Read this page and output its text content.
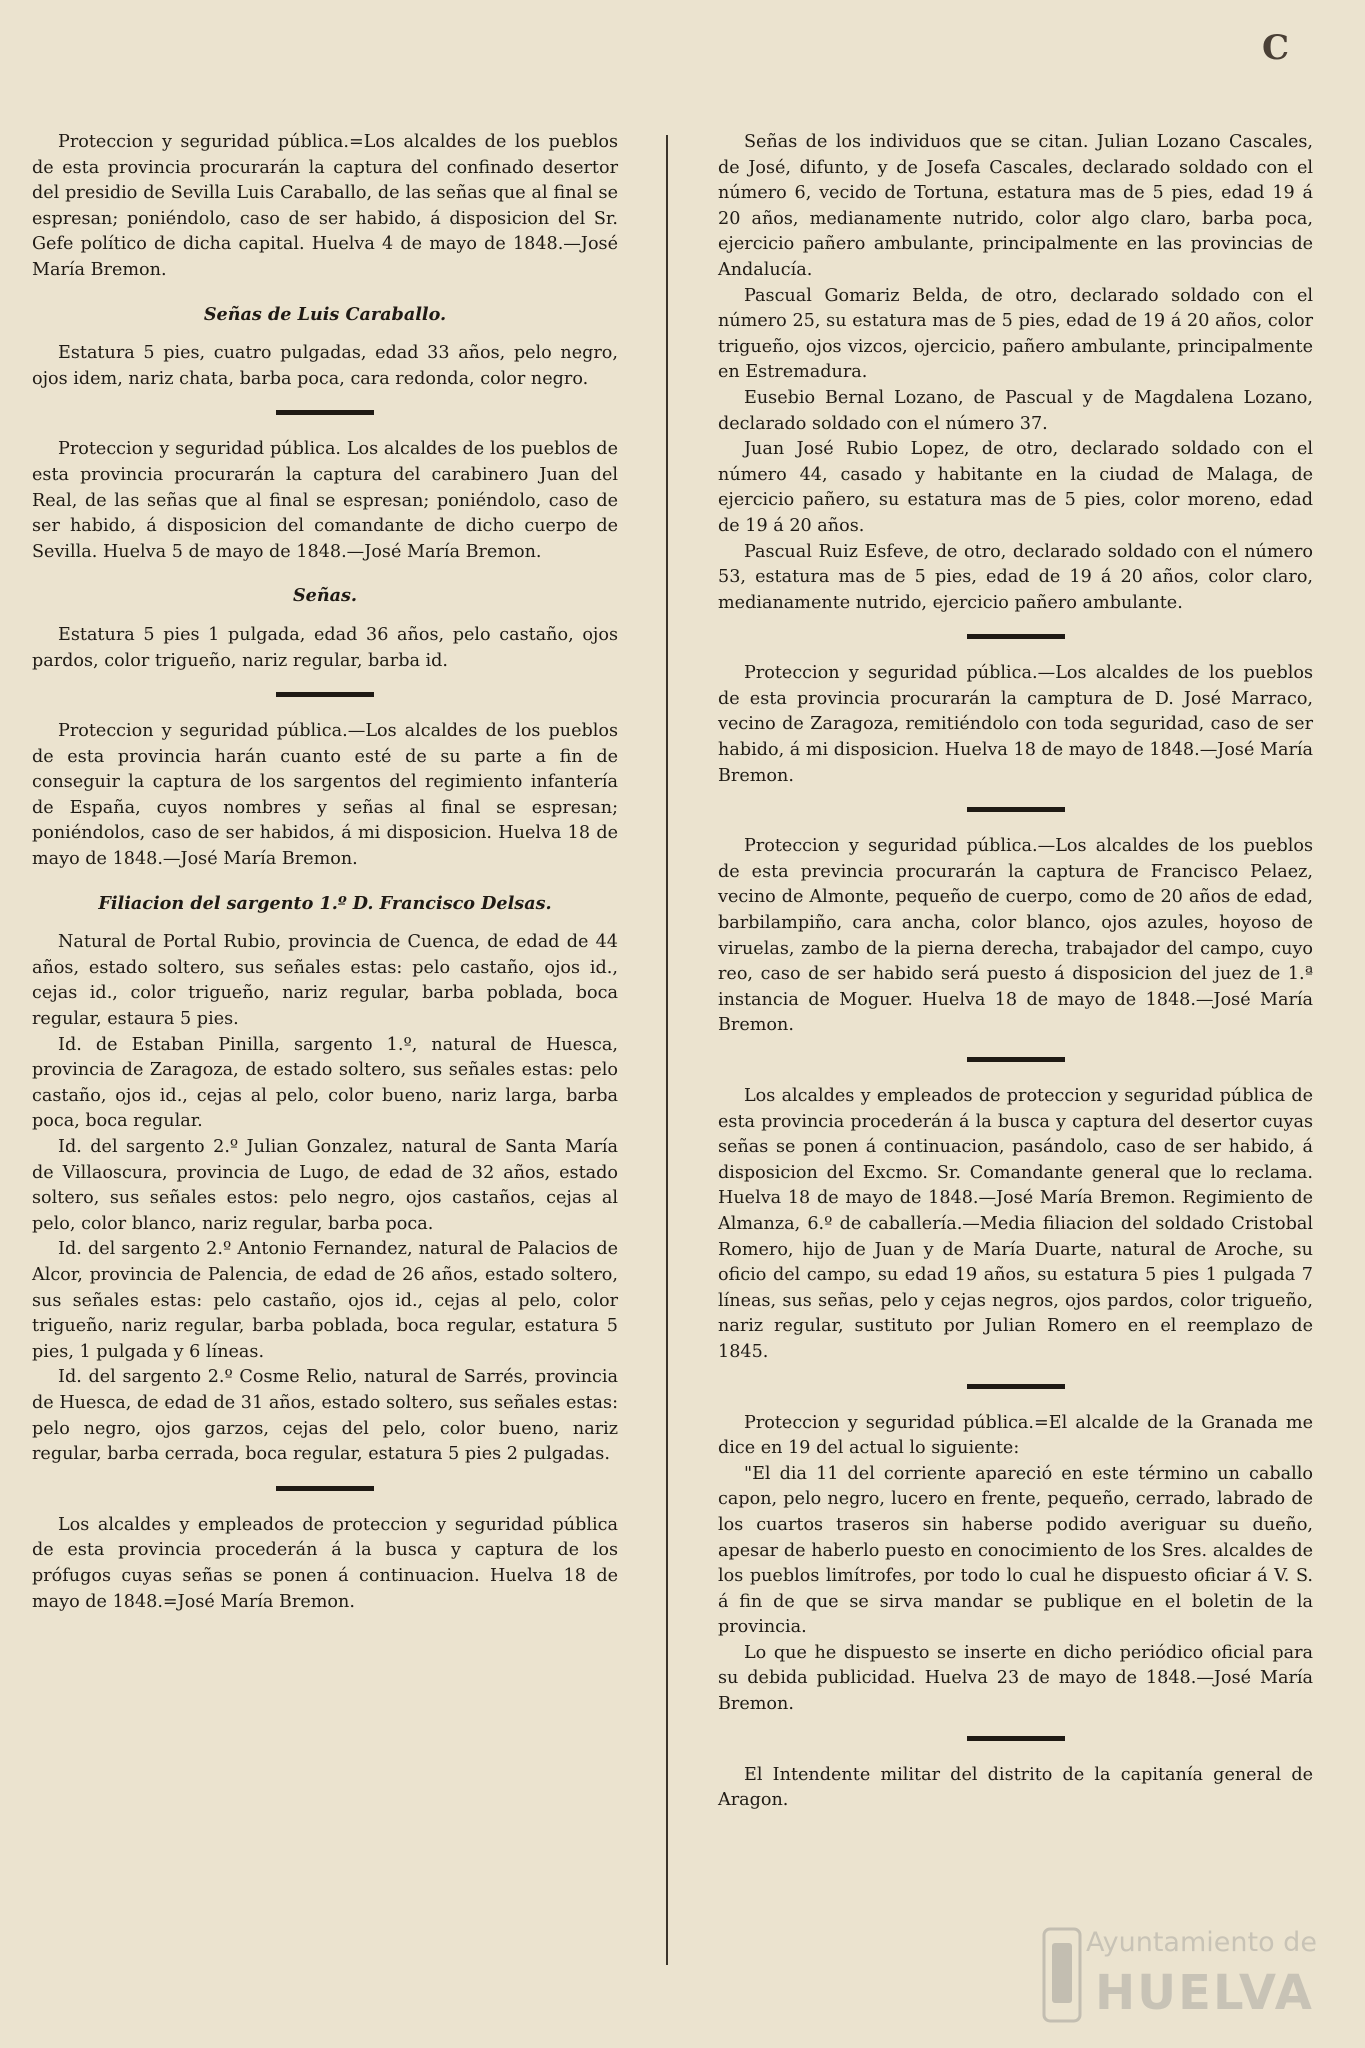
C

Proteccion y seguridad pública.=Los alcaldes de los pueblos de esta provincia procurarán la captura del confinado desertor del presidio de Sevilla Luis Caraballo, de las señas que al final se espresan; poniéndolo, caso de ser habido, á disposicion del Sr. Gefe político de dicha capital. Huelva 4 de mayo de 1848.—José María Bremon.

Señas de Luis Caraballo.

Estatura 5 pies, cuatro pulgadas, edad 33 años, pelo negro, ojos idem, nariz chata, barba poca, cara redonda, color negro.

Proteccion y seguridad pública. Los alcaldes de los pueblos de esta provincia procurarán la captura del carabinero Juan del Real, de las señas que al final se espresan; poniéndolo, caso de ser habido, á disposicion del comandante de dicho cuerpo de Sevilla. Huelva 5 de mayo de 1848.—José María Bremon.

Señas.

Estatura 5 pies 1 pulgada, edad 36 años, pelo castaño, ojos pardos, color trigueño, nariz regular, barba id.

Proteccion y seguridad pública.—Los alcaldes de los pueblos de esta provincia harán cuanto esté de su parte a fin de conseguir la captura de los sargentos del regimiento infantería de España, cuyos nombres y señas al final se espresan; poniéndolos, caso de ser habidos, á mi disposicion. Huelva 18 de mayo de 1848.—José María Bremon.

Filiacion del sargento 1.º D. Francisco Delsas.

Natural de Portal Rubio, provincia de Cuenca, de edad de 44 años, estado soltero, sus señales estas: pelo castaño, ojos id., cejas id., color trigueño, nariz regular, barba poblada, boca regular, estaura 5 pies.

Id. de Estaban Pinilla, sargento 1.º, natural de Huesca, provincia de Zaragoza, de estado soltero, sus señales estas: pelo castaño, ojos id., cejas al pelo, color bueno, nariz larga, barba poca, boca regular.

Id. del sargento 2.º Julian Gonzalez, natural de Santa María de Villaoscura, provincia de Lugo, de edad de 32 años, estado soltero, sus señales estos: pelo negro, ojos castaños, cejas al pelo, color blanco, nariz regular, barba poca.

Id. del sargento 2.º Antonio Fernandez, natural de Palacios de Alcor, provincia de Palencia, de edad de 26 años, estado soltero, sus señales estas: pelo castaño, ojos id., cejas al pelo, color trigueño, nariz regular, barba poblada, boca regular, estatura 5 pies, 1 pulgada y 6 líneas.

Id. del sargento 2.º Cosme Relio, natural de Sarrés, provincia de Huesca, de edad de 31 años, estado soltero, sus señales estas: pelo negro, ojos garzos, cejas del pelo, color bueno, nariz regular, barba cerrada, boca regular, estatura 5 pies 2 pulgadas.

Los alcaldes y empleados de proteccion y seguridad pública de esta provincia procederán á la busca y captura de los prófugos cuyas señas se ponen á continuacion. Huelva 18 de mayo de 1848.=José María Bremon.

Señas de los individuos que se citan. Julian Lozano Cascales, de José, difunto, y de Josefa Cascales, declarado soldado con el número 6, vecido de Tortuna, estatura mas de 5 pies, edad 19 á 20 años, medianamente nutrido, color algo claro, barba poca, ejercicio pañero ambulante, principalmente en las provincias de Andalucía.

Pascual Gomariz Belda, de otro, declarado soldado con el número 25, su estatura mas de 5 pies, edad de 19 á 20 años, color trigueño, ojos vizcos, ojercicio, pañero ambulante, principalmente en Estremadura.

Eusebio Bernal Lozano, de Pascual y de Magdalena Lozano, declarado soldado con el número 37.

Juan José Rubio Lopez, de otro, declarado soldado con el número 44, casado y habitante en la ciudad de Malaga, de ejercicio pañero, su estatura mas de 5 pies, color moreno, edad de 19 á 20 años.

Pascual Ruiz Esfeve, de otro, declarado soldado con el número 53, estatura mas de 5 pies, edad de 19 á 20 años, color claro, medianamente nutrido, ejercicio pañero ambulante.

Proteccion y seguridad pública.—Los alcaldes de los pueblos de esta provincia procurarán la camptura de D. José Marraco, vecino de Zaragoza, remitiéndolo con toda seguridad, caso de ser habido, á mi disposicion. Huelva 18 de mayo de 1848.—José María Bremon.

Proteccion y seguridad pública.—Los alcaldes de los pueblos de esta previncia procurarán la captura de Francisco Pelaez, vecino de Almonte, pequeño de cuerpo, como de 20 años de edad, barbilampiño, cara ancha, color blanco, ojos azules, hoyoso de viruelas, zambo de la pierna derecha, trabajador del campo, cuyo reo, caso de ser habido será puesto á disposicion del juez de 1.ª instancia de Moguer. Huelva 18 de mayo de 1848.—José María Bremon.

Los alcaldes y empleados de proteccion y seguridad pública de esta provincia procederán á la busca y captura del desertor cuyas señas se ponen á continuacion, pasándolo, caso de ser habido, á disposicion del Excmo. Sr. Comandante general que lo reclama. Huelva 18 de mayo de 1848.—José María Bremon. Regimiento de Almanza, 6.º de caballería.—Media filiacion del soldado Cristobal Romero, hijo de Juan y de María Duarte, natural de Aroche, su oficio del campo, su edad 19 años, su estatura 5 pies 1 pulgada 7 líneas, sus señas, pelo y cejas negros, ojos pardos, color trigueño, nariz regular, sustituto por Julian Romero en el reemplazo de 1845.

Proteccion y seguridad pública.=El alcalde de la Granada me dice en 19 del actual lo siguiente:

"El dia 11 del corriente apareció en este término un caballo capon, pelo negro, lucero en frente, pequeño, cerrado, labrado de los cuartos traseros sin haberse podido averiguar su dueño, apesar de haberlo puesto en conocimiento de los Sres. alcaldes de los pueblos limítrofes, por todo lo cual he dispuesto oficiar á V. S. á fin de que se sirva mandar se publique en el boletin de la provincia.

Lo que he dispuesto se inserte en dicho periódico oficial para su debida publicidad. Huelva 23 de mayo de 1848.—José María Bremon.

El Intendente militar del distrito de la capitanía general de Aragon.

Ayuntamiento de
HUELVA
